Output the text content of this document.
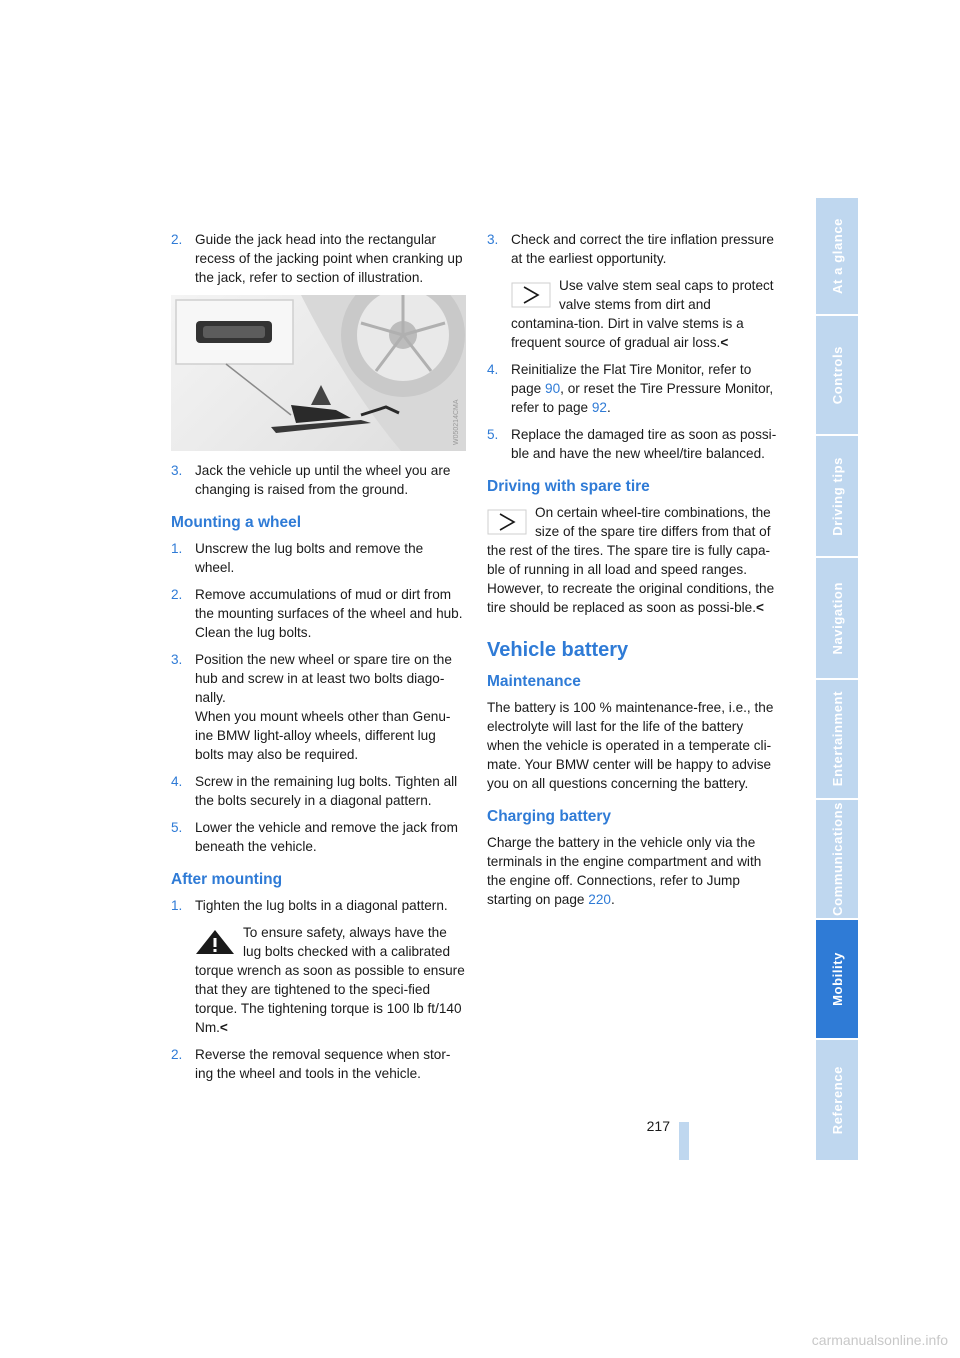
2. Guide the jack head into the rectangular recess of the jacking point when cranking up the jack, refer to section of illustration.

W050214CMA
3. Jack the vehicle up until the wheel you are changing is raised from the ground.

Mounting a wheel
1. Unscrew the lug bolts and remove the wheel.

2. Remove accumulations of mud or dirt from the mounting surfaces of the wheel and hub. Clean the lug bolts.

3. Position the new wheel or spare tire on the hub and screw in at least two bolts diago-nally.

When you mount wheels other than Genu-ine BMW light-alloy wheels, different lug bolts may also be required.

4. Screw in the remaining lug bolts. Tighten all the bolts securely in a diagonal pattern.

5. Lower the vehicle and remove the jack from beneath the vehicle.

After mounting
1. Tighten the lug bolts in a diagonal pattern.

To ensure safety, always have the lug bolts checked with a calibrated torque wrench as soon as possible to ensure that they are tightened to the speci-fied torque. The tightening torque is 100 lb ft/140 Nm.<
2. Reverse the removal sequence when stor-ing the wheel and tools in the vehicle.

3. Check and correct the tire inflation pressure at the earliest opportunity.

Use valve stem seal caps to protect valve stems from dirt and contamina-tion. Dirt in valve stems is a frequent source of gradual air loss.<
4. Reinitialize the Flat Tire Monitor, refer to page 90, or reset the Tire Pressure Monitor, refer to page 92.

5. Replace the damaged tire as soon as possi-ble and have the new wheel/tire balanced.

Driving with spare tire
On certain wheel-tire combinations, the size of the spare tire differs from that of the rest of the tires. The spare tire is fully capa-ble of running in all load and speed ranges. However, to recreate the original conditions, the tire should be replaced as soon as possi-ble.<
Vehicle battery
Maintenance

The battery is 100 % maintenance-free, i.e., the electrolyte will last for the life of the battery when the vehicle is operated in a temperate cli-mate. Your BMW center will be happy to advise you on all questions concerning the battery.

Charging battery

Charge the battery in the vehicle only via the terminals in the engine compartment and with the engine off. Connections, refer to Jump starting on page 220.

At a glance
Controls
Driving tips
Navigation
Entertainment
Communications
Mobility
Reference
217
carmanualsonline.info
